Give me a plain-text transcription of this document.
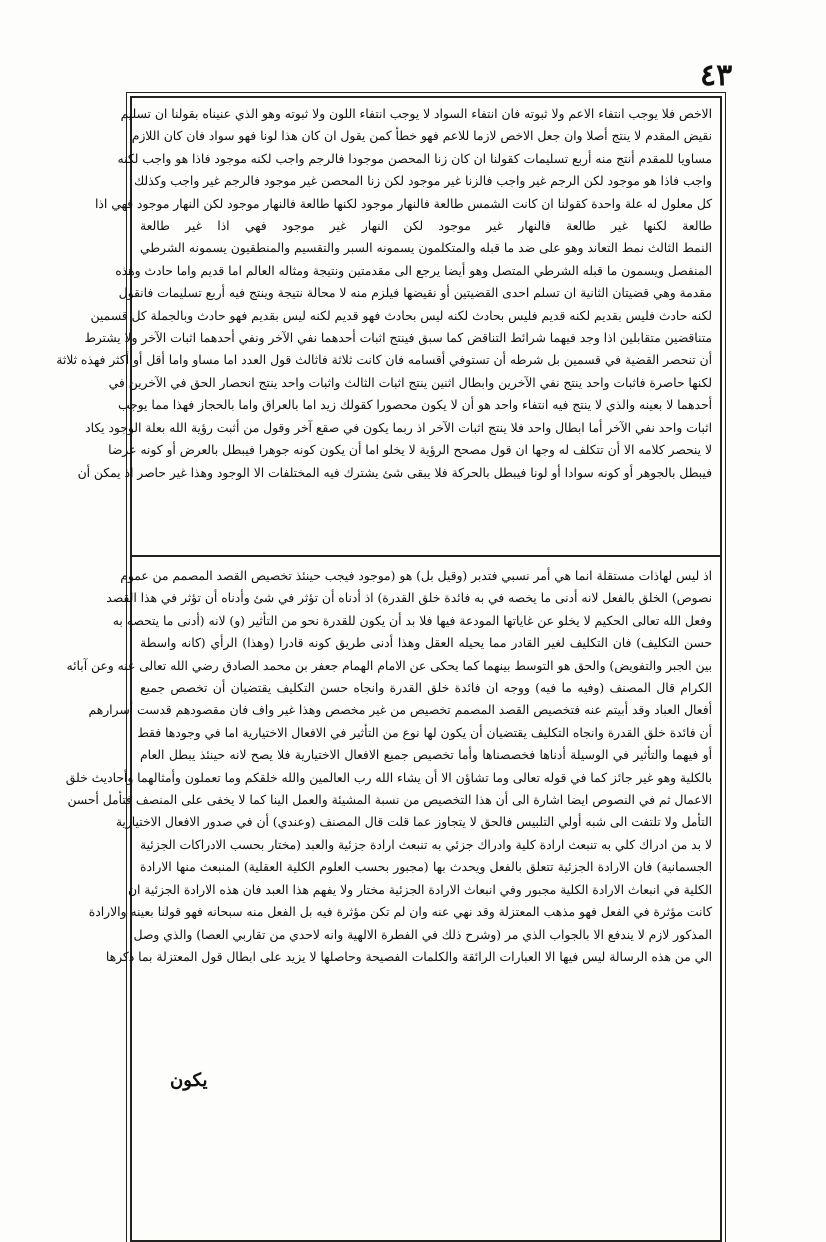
٤٣
الاخص فلا يوجب انتفاء الاعم ولا ثبوته فان انتفاء السواد لا يوجب انتفاء اللون ولا ثبوته وهو الذي عنيناه بقولنا ان تسليم
نقيض المقدم لا ينتج أصلا وان جعل الاخص لازما للاعم فهو خطأ كمن يقول ان كان هذا لونا فهو سواد فان كان اللازم
مساويا للمقدم أنتج منه أربع تسليمات كقولنا ان كان زنا المحصن موجودا فالرجم واجب لكنه موجود فاذا هو واجب لكنه
واجب فاذا هو موجود لكن الرجم غير واجب فالزنا غير موجود لكن زنا المحصن غير موجود فالرجم غير واجب وكذلك
كل معلول له علة واحدة كقولنا ان كانت الشمس طالعة فالنهار موجود لكنها طالعة فالنهار موجود لكن النهار موجود فهي اذا
طالعة لكنها غير طالعة فالنهار غير موجود لكن النهار غير موجود فهي اذا غير طالعة
النمط الثالث نمط التعاند وهو على ضد ما قبله والمتكلمون يسمونه السبر والتقسيم والمنطقيون يسمونه الشرطي
المنفصل ويسمون ما قبله الشرطي المتصل وهو أيضا يرجع الى مقدمتين ونتيجة ومثاله العالم اما قديم واما حادث وهذه
مقدمة وهي قضيتان الثانية ان تسلم احدى القضيتين أو نقيضها فيلزم منه لا محالة نتيجة وينتج فيه أربع تسليمات فانقول
لكنه حادث فليس بقديم لكنه قديم فليس بحادث لكنه ليس بحادث فهو قديم لكنه ليس بقديم فهو حادث وبالجملة كل قسمين
متناقضين متقابلين اذا وجد فيهما شرائط التناقض كما سبق فينتج اثبات أحدهما نفي الآخر ونفي أحدهما اثبات الآخر ولا يشترط
أن تنحصر القضية في قسمين بل شرطه أن تستوفي أقسامه فان كانت ثلاثة فاثالث قول العدد اما مساو واما أقل أو أكثر فهذه ثلاثة
لكنها حاصرة فاثبات واحد ينتج نفي الآخرين وابطال اثنين ينتج اثبات الثالث واثبات واحد ينتج انحصار الحق في الآخرين في
أحدهما لا بعينه والذي لا ينتج فيه انتفاء واحد هو أن لا يكون محصورا كقولك زيد اما بالعراق واما بالحجاز فهذا مما يوجب
اثبات واحد نفي الآخر أما ابطال واحد فلا ينتج اثبات الآخر اذ ربما يكون في صقع آخر وقول من أثبت رؤية الله بعلة الوجود يكاد
لا ينحصر كلامه الا أن تتكلف له وجها ان قول مصحح الرؤية لا يخلو اما أن يكون كونه جوهرا فيبطل بالعرض أو كونه عرضا
فيبطل بالجوهر أو كونه سوادا أو لونا فيبطل بالحركة فلا يبقى شئ يشترك فيه المختلفات الا الوجود وهذا غير حاصر اذ يمكن أن
اذ ليس لهاذات مستقلة انما هي أمر نسبي فتدبر (وقيل بل) هو (موجود فيجب حينئذ تخصيص القصد المصمم من عموم
نصوص) الخلق بالفعل لانه أدنى ما يخصه في به فائدة خلق القدرة) اذ أدناه أن تؤثر في شئ وأدناه أن تؤثر في هذا القصد
وفعل الله تعالى الحكيم لا يخلو عن غاياتها المودعة فيها فلا بد أن يكون للقدرة نحو من التأثير (و) لانه (أدنى ما يتحصه به
حسن التكليف) فان التكليف لغير القادر مما يحيله العقل وهذا أدنى طريق كونه قادرا (وهذا) الرأي (كانه واسطة
بين الجبر والتفويض) والحق هو التوسط بينهما كما يحكى عن الامام الهمام جعفر بن محمد الصادق رضي الله تعالى عنه وعن آبائه
الكرام قال المصنف (وفيه ما فيه) ووجه ان فائدة خلق القدرة وانجاه حسن التكليف يقتضيان أن تخصص جميع
أفعال العباد وقد أبيتم عنه فتخصيص القصد المصمم تخصيص من غير مخصص وهذا غير واف فان مقصودهم قدست أسرارهم
أن فائدة خلق القدرة وانجاه التكليف يقتضيان أن يكون لها نوع من التأثير في الافعال الاختيارية اما في وجودها فقط
أو فيهما والتأثير في الوسيلة أدناها فخصصناها وأما تخصيص جميع الافعال الاختيارية فلا يصح لانه حينئذ يبطل العام
بالكلية وهو غير جائز كما في قوله تعالى وما تشاؤن الا أن يشاء الله رب العالمين والله خلقكم وما تعملون وأمثالهما وأحاديث خلق
الاعمال ثم في النصوص ايضا اشارة الى أن هذا التخصيص من نسبة المشيئة والعمل الينا كما لا يخفى على المنصف فتأمل أحسن
التأمل ولا تلتفت الى شبه أولي التلبيس فالحق لا يتجاوز عما قلت قال المصنف (وعندي) أن في صدور الافعال الاختيارية
لا بد من ادراك كلي به تنبعث ارادة كلية وادراك جزئي به تنبعث ارادة جزئية والعبد (مختار بحسب الادراكات الجزئية
الجسمانية) فان الارادة الجزئية تتعلق بالفعل ويحدث بها (مجبور بحسب العلوم الكلية العقلية) المنبعث منها الارادة
الكلية في انبعاث الارادة الكلية مجبور وفي انبعاث الارادة الجزئية مختار ولا يفهم هذا العبد فان هذه الارادة الجزئية ان
كانت مؤثرة في الفعل فهو مذهب المعتزلة وقد نهي عنه وان لم تكن مؤثرة فيه بل الفعل منه سبحانه فهو قولنا بعينه والارادة
المذكور لازم لا يندفع الا بالجواب الذي مر (وشرح ذلك في الفطرة الالهية وانه لاحدي من تقاربي العصا) والذي وصل
الي من هذه الرسالة ليس فيها الا العبارات الرائقة والكلمات الفصيحة وحاصلها لا يزيد على ابطال قول المعتزلة بما ذكرها
يكون
